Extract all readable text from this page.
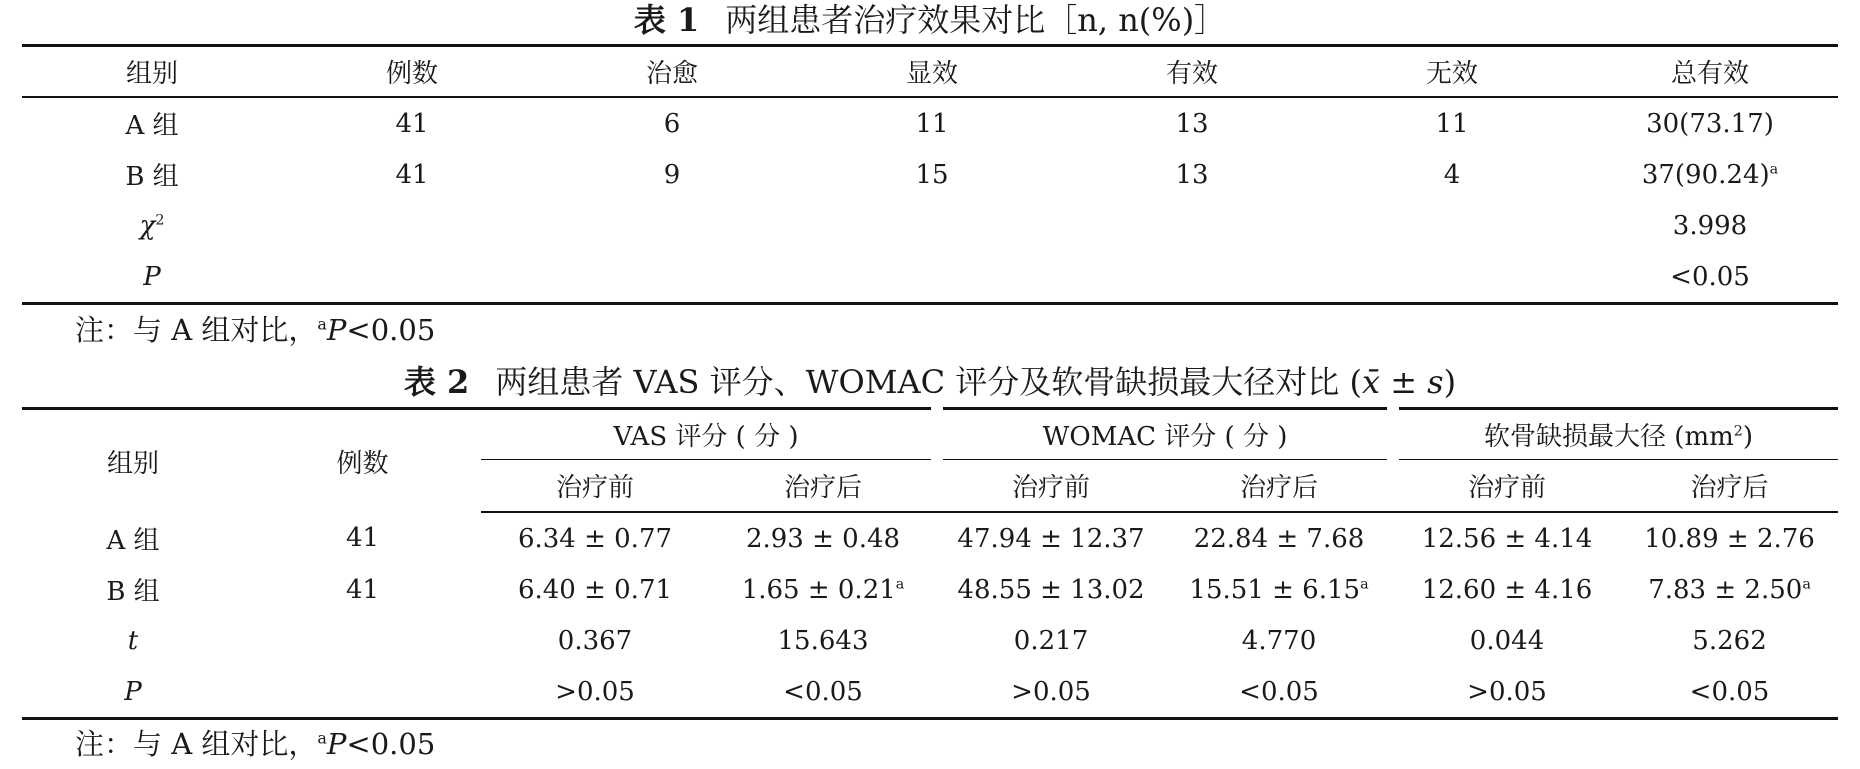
表 1 两组患者治疗效果对比［n, n(%)］
组别	例数	治愈	显效	有效	无效	总有效
A 组	41	6	11	13	11	30(73.17)
B 组	41	9	15	13	4	$37(90.24)^a$
$\chi^2$						3.998
P						<0.05
注：与 A 组对比，$^a$P<0.05
表 2 两组患者 VAS 评分、WOMAC 评分及软骨缺损最大径对比 (x̄ ± s)
组别	例数	VAS 评分 ( 分 )		WOMAC 评分 ( 分 )		软骨缺损最大径 $(mm^2)$	
		治疗前	治疗后	治疗前	治疗后	治疗前	治疗后
A 组	41	6.34 ± 0.77	2.93 ± 0.48	47.94 ± 12.37	22.84 ± 7.68	12.56 ± 4.14	10.89 ± 2.76
B 组	41	6.40 ± 0.71	1.65 ± 0.21$^a$	48.55 ± 13.02	15.51 ± 6.15$^a$	12.60 ± 4.16	7.83 ± 2.50$^a$
t		0.367	15.643	0.217	4.770	0.044	5.262
P		>0.05	<0.05	>0.05	<0.05	>0.05	<0.05
注：与 A 组对比，$^a$P<0.05
